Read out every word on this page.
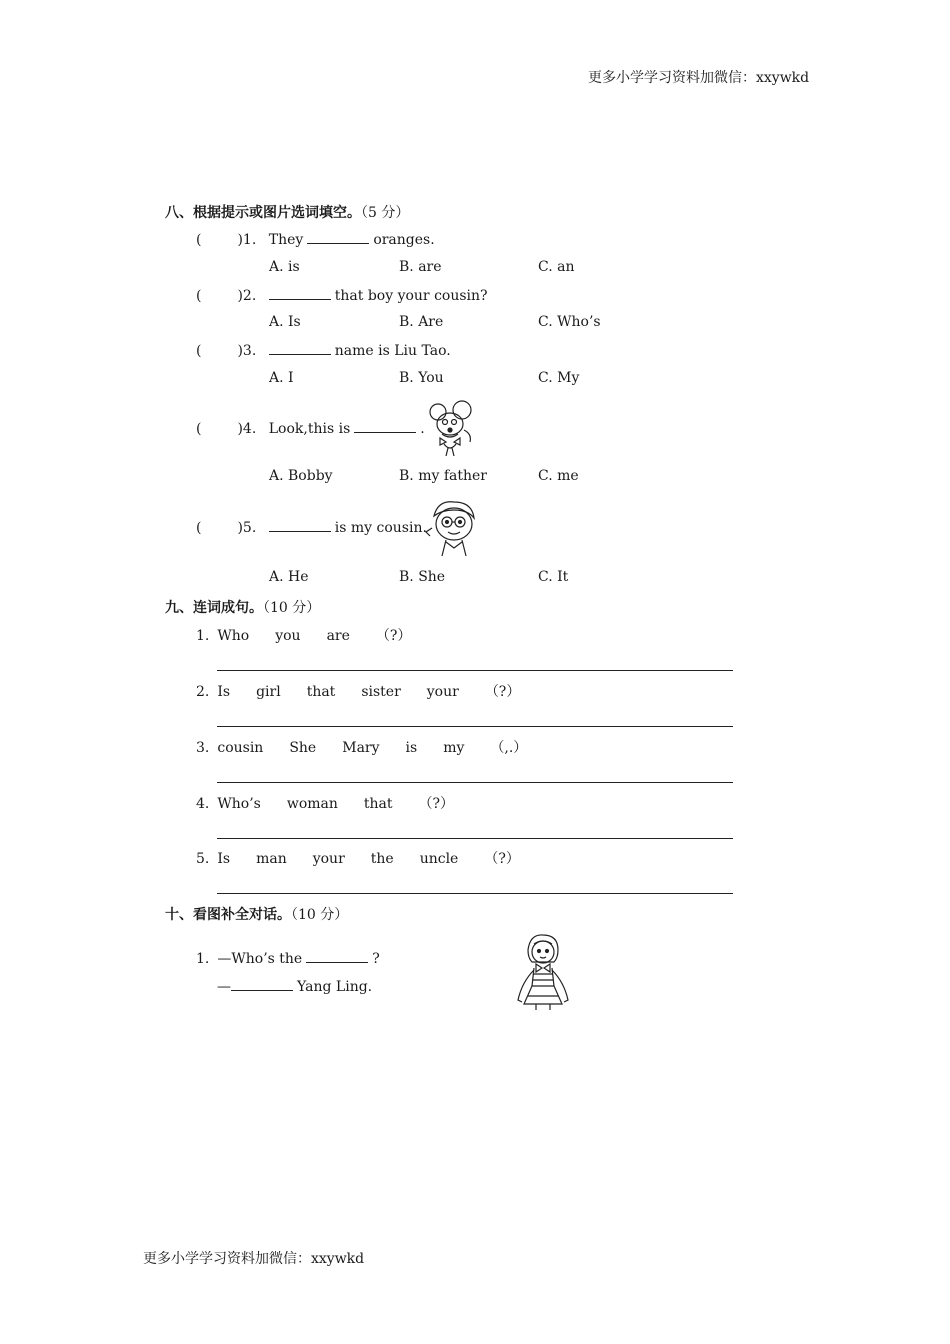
更多小学学习资料加微信：xxywkd
八、根据提示或图片选词填空。（5 分）
(	)1. They	oranges.
A. is	B. are	C. an
(	)2.	that boy your cousin?
A. Is	B. Are	C. Who’s
(	)3.	name is Liu Tao.
A. I	B. You	C. My
(	)4. Look,this is	.
A. Bobby	B. my father	C. me
(	)5.	is my cousin.
A. He	B. She	C. It
九、连词成句。（10 分）
1. Who you are （?）
2. Is girl that sister your （?）
3. cousin She Mary is my （,.）
4. Who’s woman that （?）
5. Is man your the uncle （?）
十、看图补全对话。（10 分）
1. —Who’s the	?
—	Yang Ling.
更多小学学习资料加微信：xxywkd
